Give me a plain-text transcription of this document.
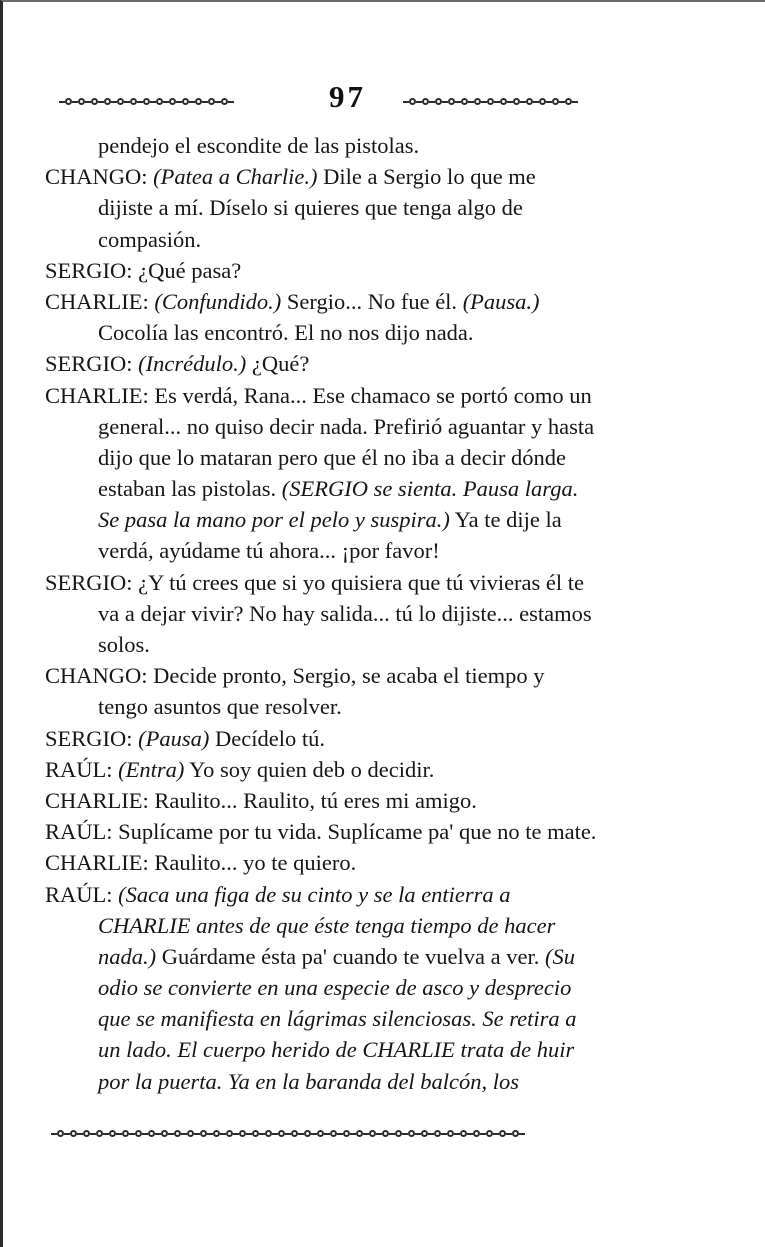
97
pendejo el escondite de las pistolas.
CHANGO: (Patea a Charlie.) Dile a Sergio lo que me
dijiste a mí. Díselo si quieres que tenga algo de
compasión.
SERGIO: ¿Qué pasa?
CHARLIE: (Confundido.) Sergio... No fue él. (Pausa.)
Cocolía las encontró. El no nos dijo nada.
SERGIO: (Incrédulo.) ¿Qué?
CHARLIE: Es verdá, Rana... Ese chamaco se portó como un
general... no quiso decir nada. Prefirió aguantar y hasta
dijo que lo mataran pero que él no iba a decir dónde
estaban las pistolas. (SERGIO se sienta. Pausa larga.
Se pasa la mano por el pelo y suspira.) Ya te dije la
verdá, ayúdame tú ahora... ¡por favor!
SERGIO: ¿Y tú crees que si yo quisiera que tú vivieras él te
va a dejar vivir? No hay salida... tú lo dijiste... estamos
solos.
CHANGO: Decide pronto, Sergio, se acaba el tiempo y
tengo asuntos que resolver.
SERGIO: (Pausa) Decídelo tú.
RAÚL: (Entra) Yo soy quien deb o decidir.
CHARLIE: Raulito... Raulito, tú eres mi amigo.
RAÚL: Suplícame por tu vida. Suplícame pa' que no te mate.
CHARLIE: Raulito... yo te quiero.
RAÚL: (Saca una figa de su cinto y se la entierra a
CHARLIE antes de que éste tenga tiempo de hacer
nada.) Guárdame ésta pa' cuando te vuelva a ver. (Su
odio se convierte en una especie de asco y desprecio
que se manifiesta en lágrimas silenciosas. Se retira a
un lado. El cuerpo herido de CHARLIE trata de huir
por la puerta. Ya en la baranda del balcón, los
